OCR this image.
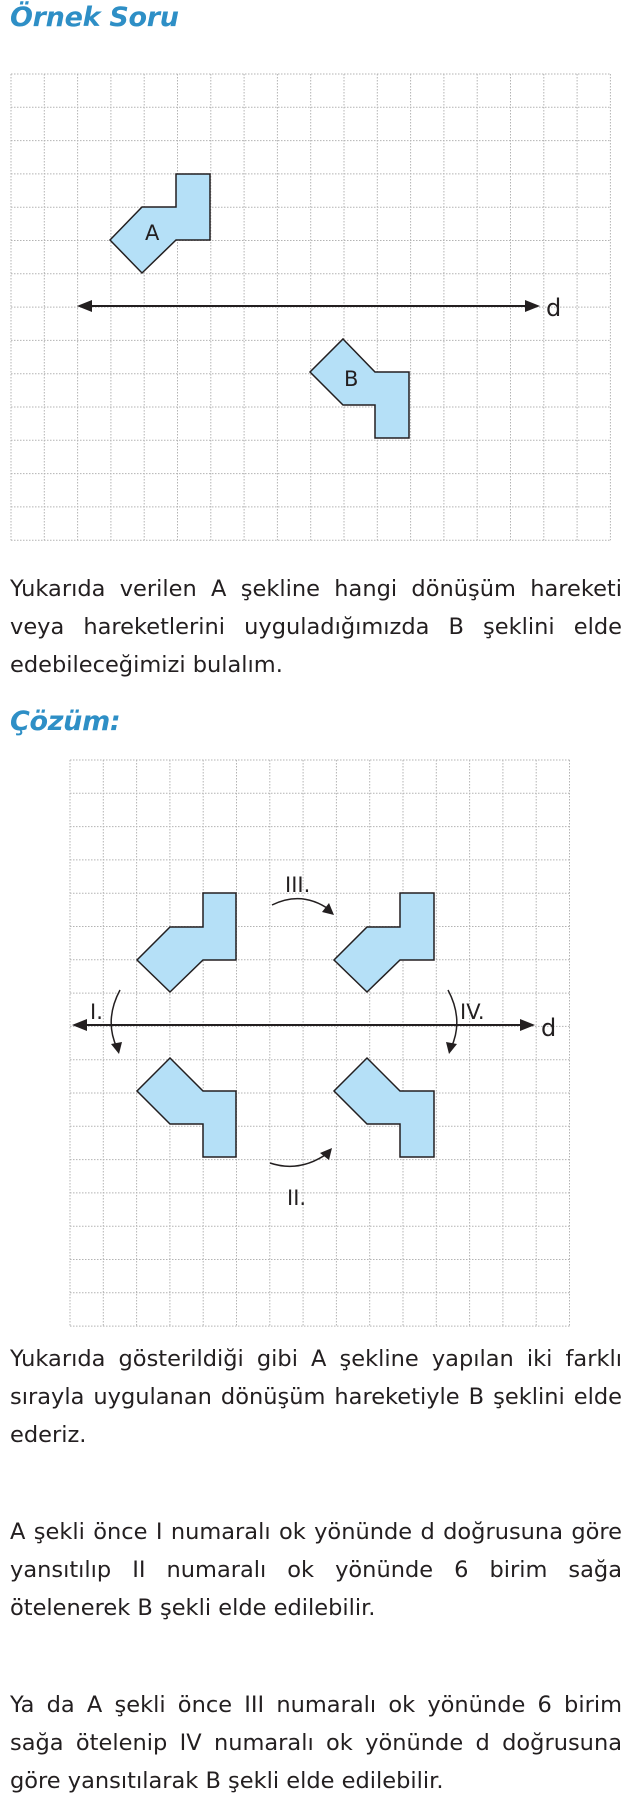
Örnek Soru
A
B
d

Yukarıda verilen A şekline hangi dönüşüm hareketi veya hareketlerini uyguladığımızda B şeklini elde edebileceğimizi bulalım.

Çözüm:
d
III.
II.
I.	IV.

Yukarıda gösterildiği gibi A şekline yapılan iki farklı sırayla uygulanan dönüşüm hareketiyle B şeklini elde ederiz.

A şekli önce I numaralı ok yönünde d doğrusuna göre yansıtılıp II numaralı ok yönünde 6 birim sağa ötelenerek B şekli elde edilebilir.

Ya da A şekli önce III numaralı ok yönünde 6 birim sağa ötelenip IV numaralı ok yönünde d doğrusuna göre yansıtılarak B şekli elde edilebilir.
